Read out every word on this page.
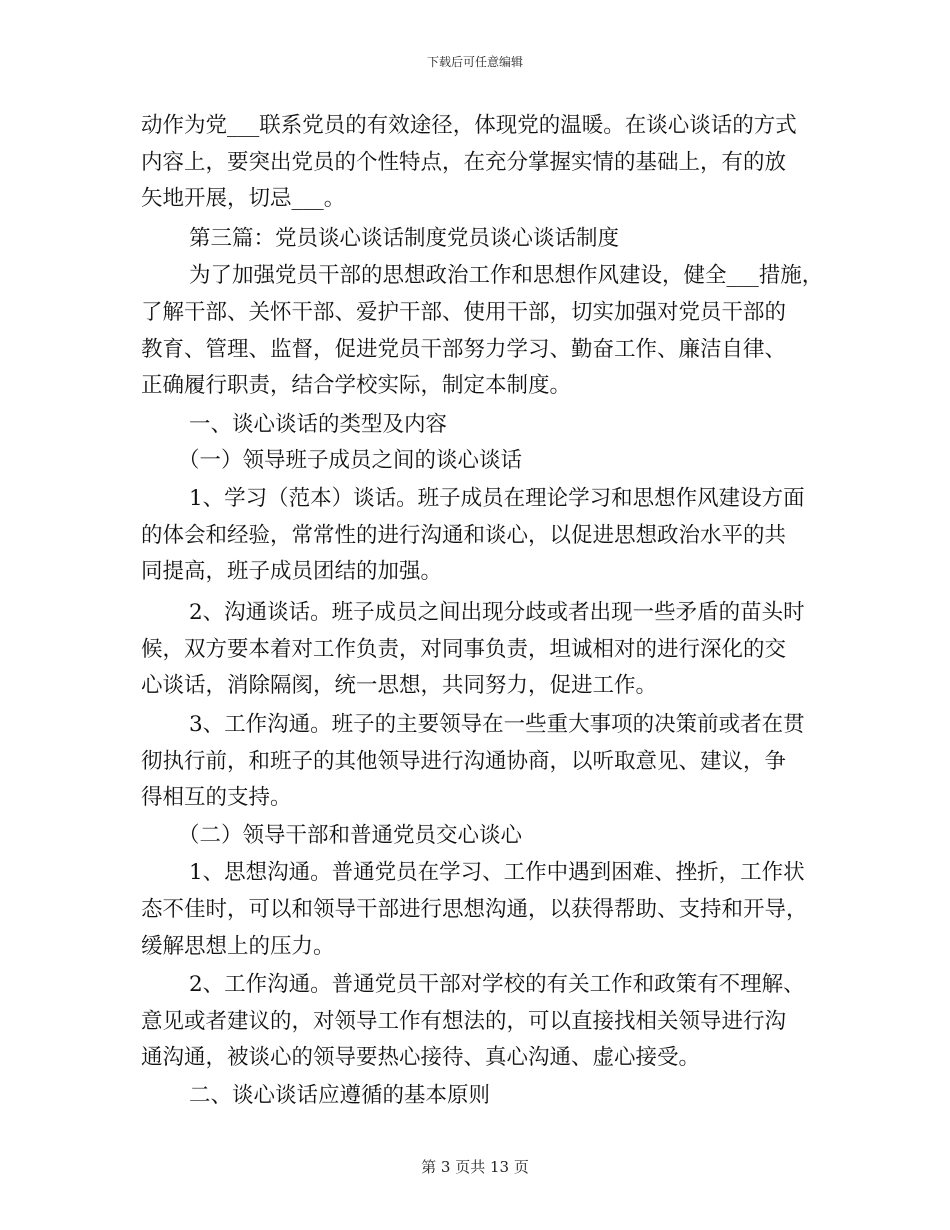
下载后可任意编辑
动作为党___联系党员的有效途径，体现党的温暖。在谈心谈话的方式
内容上，要突出党员的个性特点，在充分掌握实情的基础上，有的放
矢地开展，切忌___。
第三篇：党员谈心谈话制度党员谈心谈话制度
为了加强党员干部的思想政治工作和思想作风建设，健全___措施，
了解干部、关怀干部、爱护干部、使用干部，切实加强对党员干部的
教育、管理、监督，促进党员干部努力学习、勤奋工作、廉洁自律、
正确履行职责，结合学校实际，制定本制度。
一、谈心谈话的类型及内容
（一）领导班子成员之间的谈心谈话
1、学习（范本）谈话。班子成员在理论学习和思想作风建设方面
的体会和经验，常常性的进行沟通和谈心，以促进思想政治水平的共
同提高，班子成员团结的加强。
2、沟通谈话。班子成员之间出现分歧或者出现一些矛盾的苗头时
候，双方要本着对工作负责，对同事负责，坦诚相对的进行深化的交
心谈话，消除隔阂，统一思想，共同努力，促进工作。
3、工作沟通。班子的主要领导在一些重大事项的决策前或者在贯
彻执行前，和班子的其他领导进行沟通协商，以听取意见、建议，争
得相互的支持。
（二）领导干部和普通党员交心谈心
1、思想沟通。普通党员在学习、工作中遇到困难、挫折，工作状
态不佳时，可以和领导干部进行思想沟通，以获得帮助、支持和开导，
缓解思想上的压力。
2、工作沟通。普通党员干部对学校的有关工作和政策有不理解、
意见或者建议的，对领导工作有想法的，可以直接找相关领导进行沟
通沟通，被谈心的领导要热心接待、真心沟通、虚心接受。
二、谈心谈话应遵循的基本原则
第 3 页共 13 页
